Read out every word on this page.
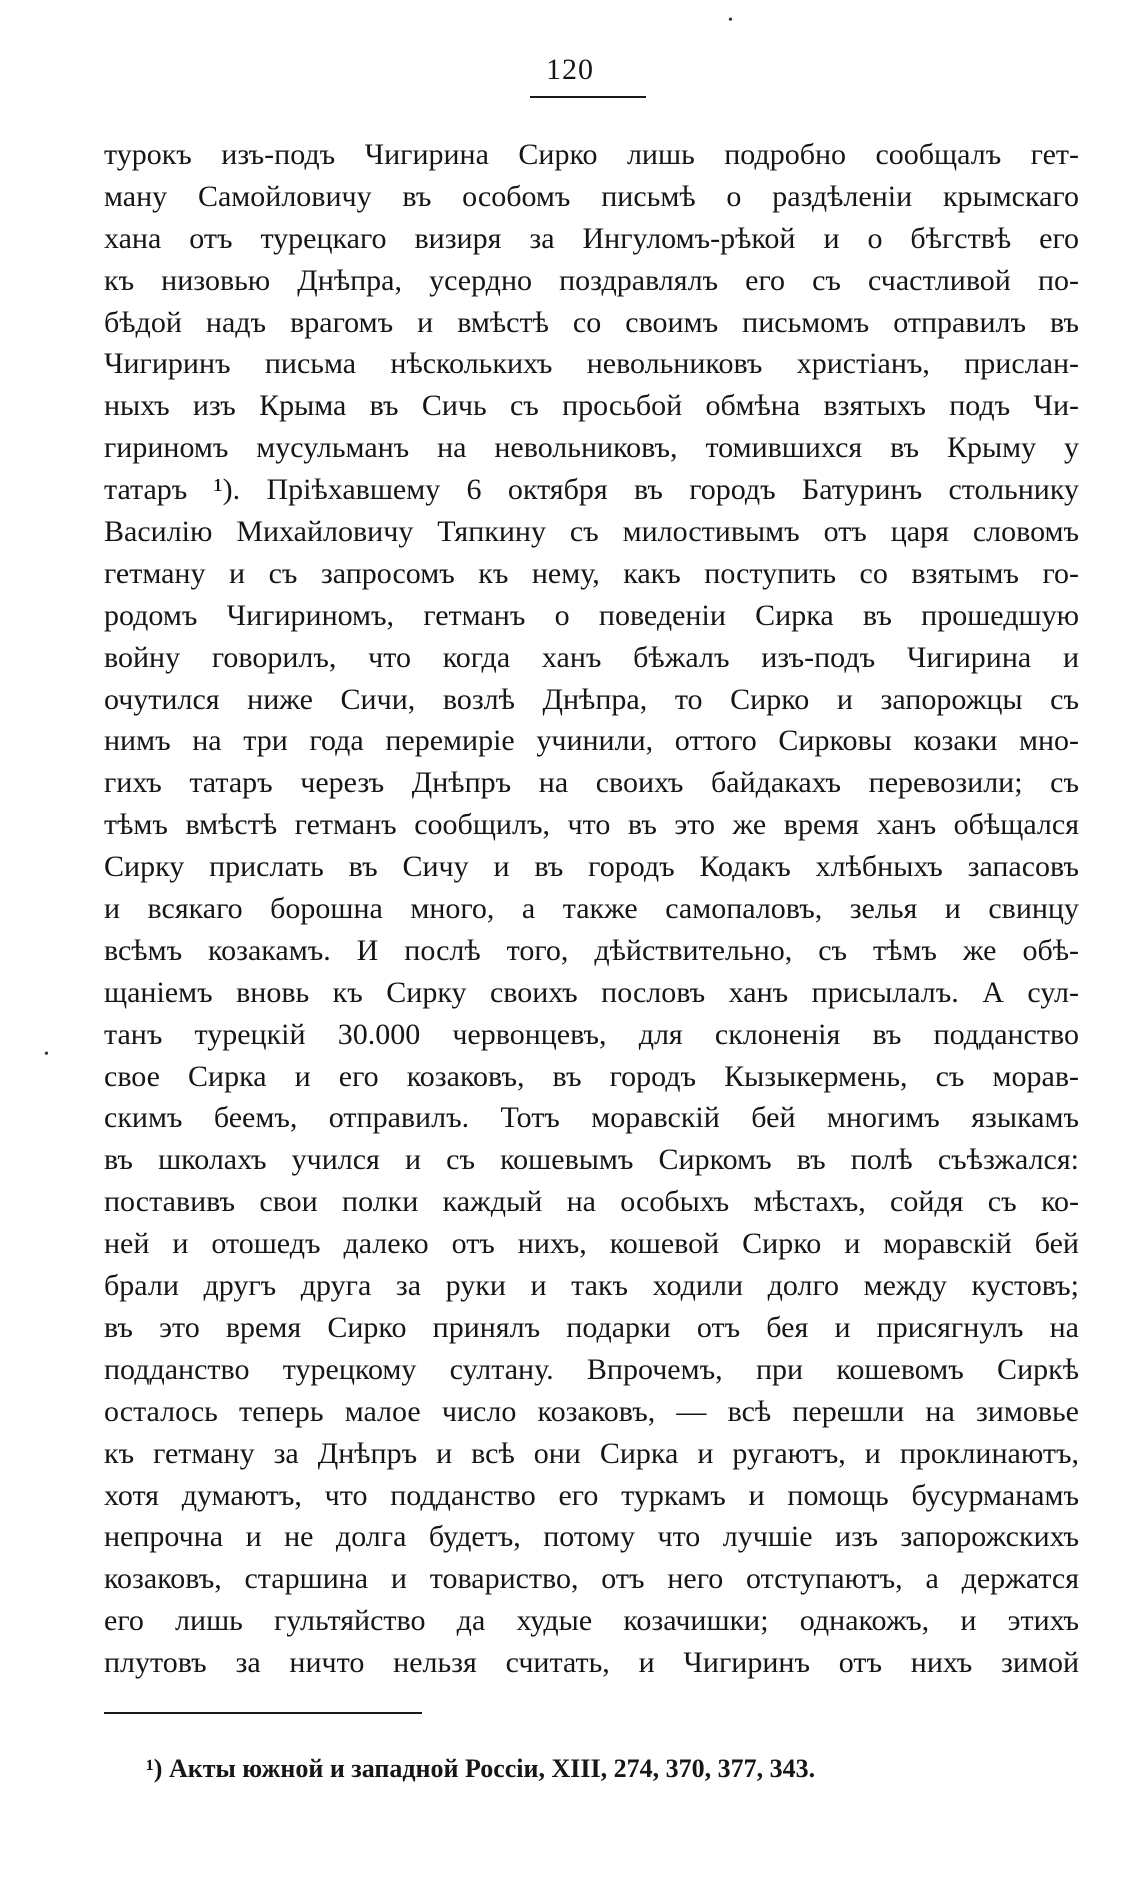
•
•
120
турокъ изъ-подъ Чигирина Сирко лишь подробно сообщалъ гет-
ману Самойловичу въ особомъ письмѣ о раздѣленіи крымскаго
хана отъ турецкаго визиря за Ингуломъ-рѣкой и о бѣгствѣ его
къ низовью Днѣпра, усердно поздравлялъ его съ счастливой по-
бѣдой надъ врагомъ и вмѣстѣ со своимъ письмомъ отправилъ въ
Чигиринъ письма нѣсколькихъ невольниковъ христіанъ, прислан-
ныхъ изъ Крыма въ Сичь съ просьбой обмѣна взятыхъ подъ Чи-
гириномъ мусульманъ на невольниковъ, томившихся въ Крыму у
татаръ ¹). Пріѣхавшему 6 октября въ городъ Батуринъ стольнику
Василію Михайловичу Тяпкину съ милостивымъ отъ царя словомъ
гетману и съ запросомъ къ нему, какъ поступить со взятымъ го-
родомъ Чигириномъ, гетманъ о поведеніи Сирка въ прошедшую
войну говорилъ, что когда ханъ бѣжалъ изъ-подъ Чигирина и
очутился ниже Сичи, возлѣ Днѣпра, то Сирко и запорожцы съ
нимъ на три года перемиріе учинили, оттого Сирковы козаки мно-
гихъ татаръ черезъ Днѣпръ на своихъ байдакахъ перевозили; съ
тѣмъ вмѣстѣ гетманъ сообщилъ, что въ это же время ханъ обѣщался
Сирку прислать въ Сичу и въ городъ Кодакъ хлѣбныхъ запасовъ
и всякаго борошна много, а также самопаловъ, зелья и свинцу
всѣмъ козакамъ. И послѣ того, дѣйствительно, съ тѣмъ же обѣ-
щаніемъ вновь къ Сирку своихъ пословъ ханъ присылалъ. А сул-
танъ турецкій 30.000 червонцевъ, для склоненія въ подданство
свое Сирка и его козаковъ, въ городъ Кызыкермень, съ морав-
скимъ беемъ, отправилъ. Тотъ моравскій бей многимъ языкамъ
въ школахъ учился и съ кошевымъ Сиркомъ въ полѣ съѣзжался:
поставивъ свои полки каждый на особыхъ мѣстахъ, сойдя съ ко-
ней и отошедъ далеко отъ нихъ, кошевой Сирко и моравскій бей
брали другъ друга за руки и такъ ходили долго между кустовъ;
въ это время Сирко принялъ подарки отъ бея и присягнулъ на
подданство турецкому султану. Впрочемъ, при кошевомъ Сиркѣ
осталось теперь малое число козаковъ, — всѣ перешли на зимовье
къ гетману за Днѣпръ и всѣ они Сирка и ругаютъ, и проклинаютъ,
хотя думаютъ, что подданство его туркамъ и помощь бусурманамъ
непрочна и не долга будетъ, потому что лучшіе изъ запорожскихъ
козаковъ, старшина и товариство, отъ него отступаютъ, а держатся
его лишь гультяйство да худые козачишки; однакожъ, и этихъ
плутовъ за ничто нельзя считать, и Чигиринъ отъ нихъ зимой
¹) Акты южной и западной Россіи, XIII, 274, 370, 377, 343.
